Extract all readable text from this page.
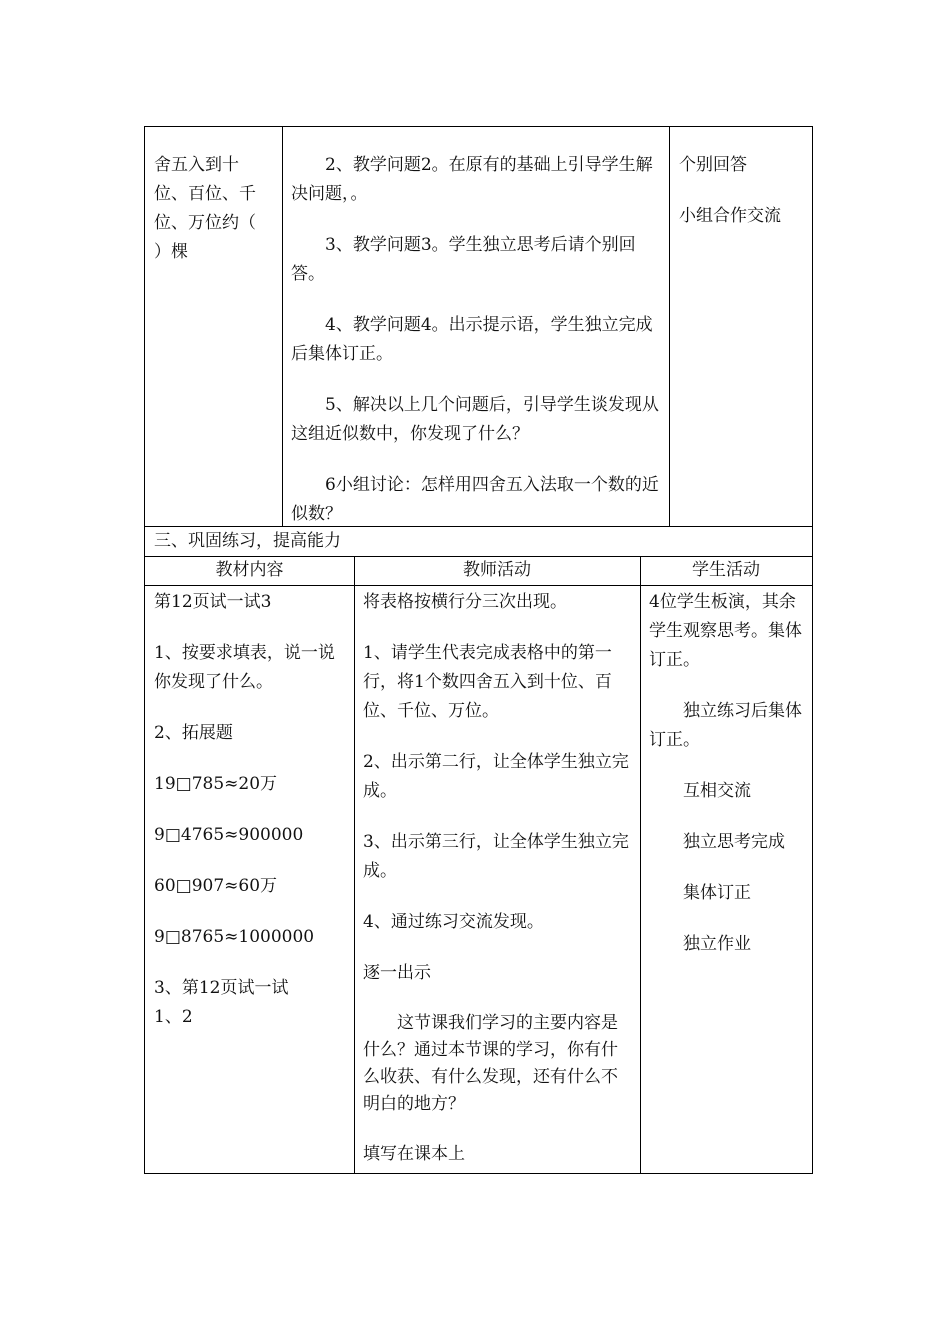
舍五入到十
位、百位、千
位、万位约（
）棵

2、教学问题2。在原有的基础上引导学生解决问题，。

3、教学问题3。学生独立思考后请个别回答。

4、教学问题4。出示提示语，学生独立完成后集体订正。

5、解决以上几个问题后，引导学生谈发现从这组近似数中，你发现了什么？

6小组讨论：怎样用四舍五入法取一个数的近似数？

个别回答

小组合作交流

三、巩固练习，提高能力
教材内容	教师活动	学生活动

第12页试一试3

1、按要求填表，说一说你发现了什么。

2、拓展题

19□785≈20万

9□4765≈900000

60□907≈60万

9□8765≈1000000

3、第12页试一试1、2

将表格按横行分三次出现。

1、请学生代表完成表格中的第一行，将1个数四舍五入到十位、百位、千位、万位。

2、出示第二行，让全体学生独立完成。

3、出示第三行，让全体学生独立完成。

4、通过练习交流发现。

逐一出示

这节课我们学习的主要内容是什么？通过本节课的学习，你有什么收获、有什么发现，还有什么不明白的地方？

填写在课本上

4位学生板演，其余学生观察思考。集体订正。

独立练习后集体订正。

互相交流

独立思考完成

集体订正

独立作业
